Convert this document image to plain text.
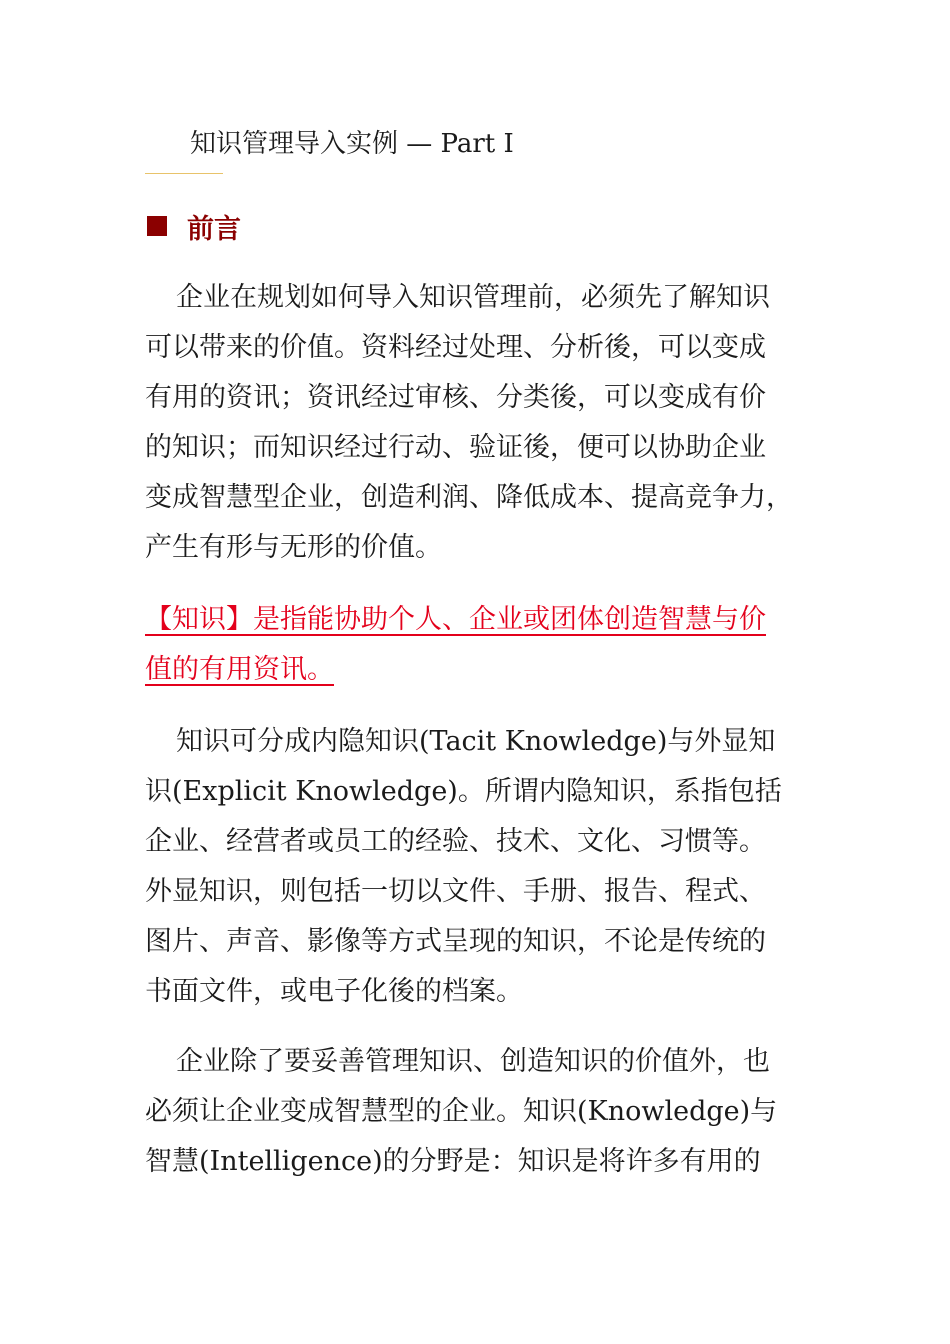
知识管理导入实例 — Part I
前言
企业在规划如何导入知识管理前，必须先了解知识
可以带来的价值。资料经过处理、分析後，可以变成
有用的资讯；资讯经过审核、分类後，可以变成有价
的知识；而知识经过行动、验证後，便可以协助企业
变成智慧型企业，创造利润、降低成本、提高竞争力，
产生有形与无形的价值。
【知识】是指能协助个人、企业或团体创造智慧与价
值的有用资讯。
知识可分成内隐知识(Tacit Knowledge)与外显知
识(Explicit Knowledge)。所谓内隐知识，系指包括
企业、经营者或员工的经验、技术、文化、习惯等。
外显知识，则包括一切以文件、手册、报告、程式、
图片、声音、影像等方式呈现的知识，不论是传统的
书面文件，或电子化後的档案。
企业除了要妥善管理知识、创造知识的价值外，也
必须让企业变成智慧型的企业。知识(Knowledge)与
智慧(Intelligence)的分野是：知识是将许多有用的
